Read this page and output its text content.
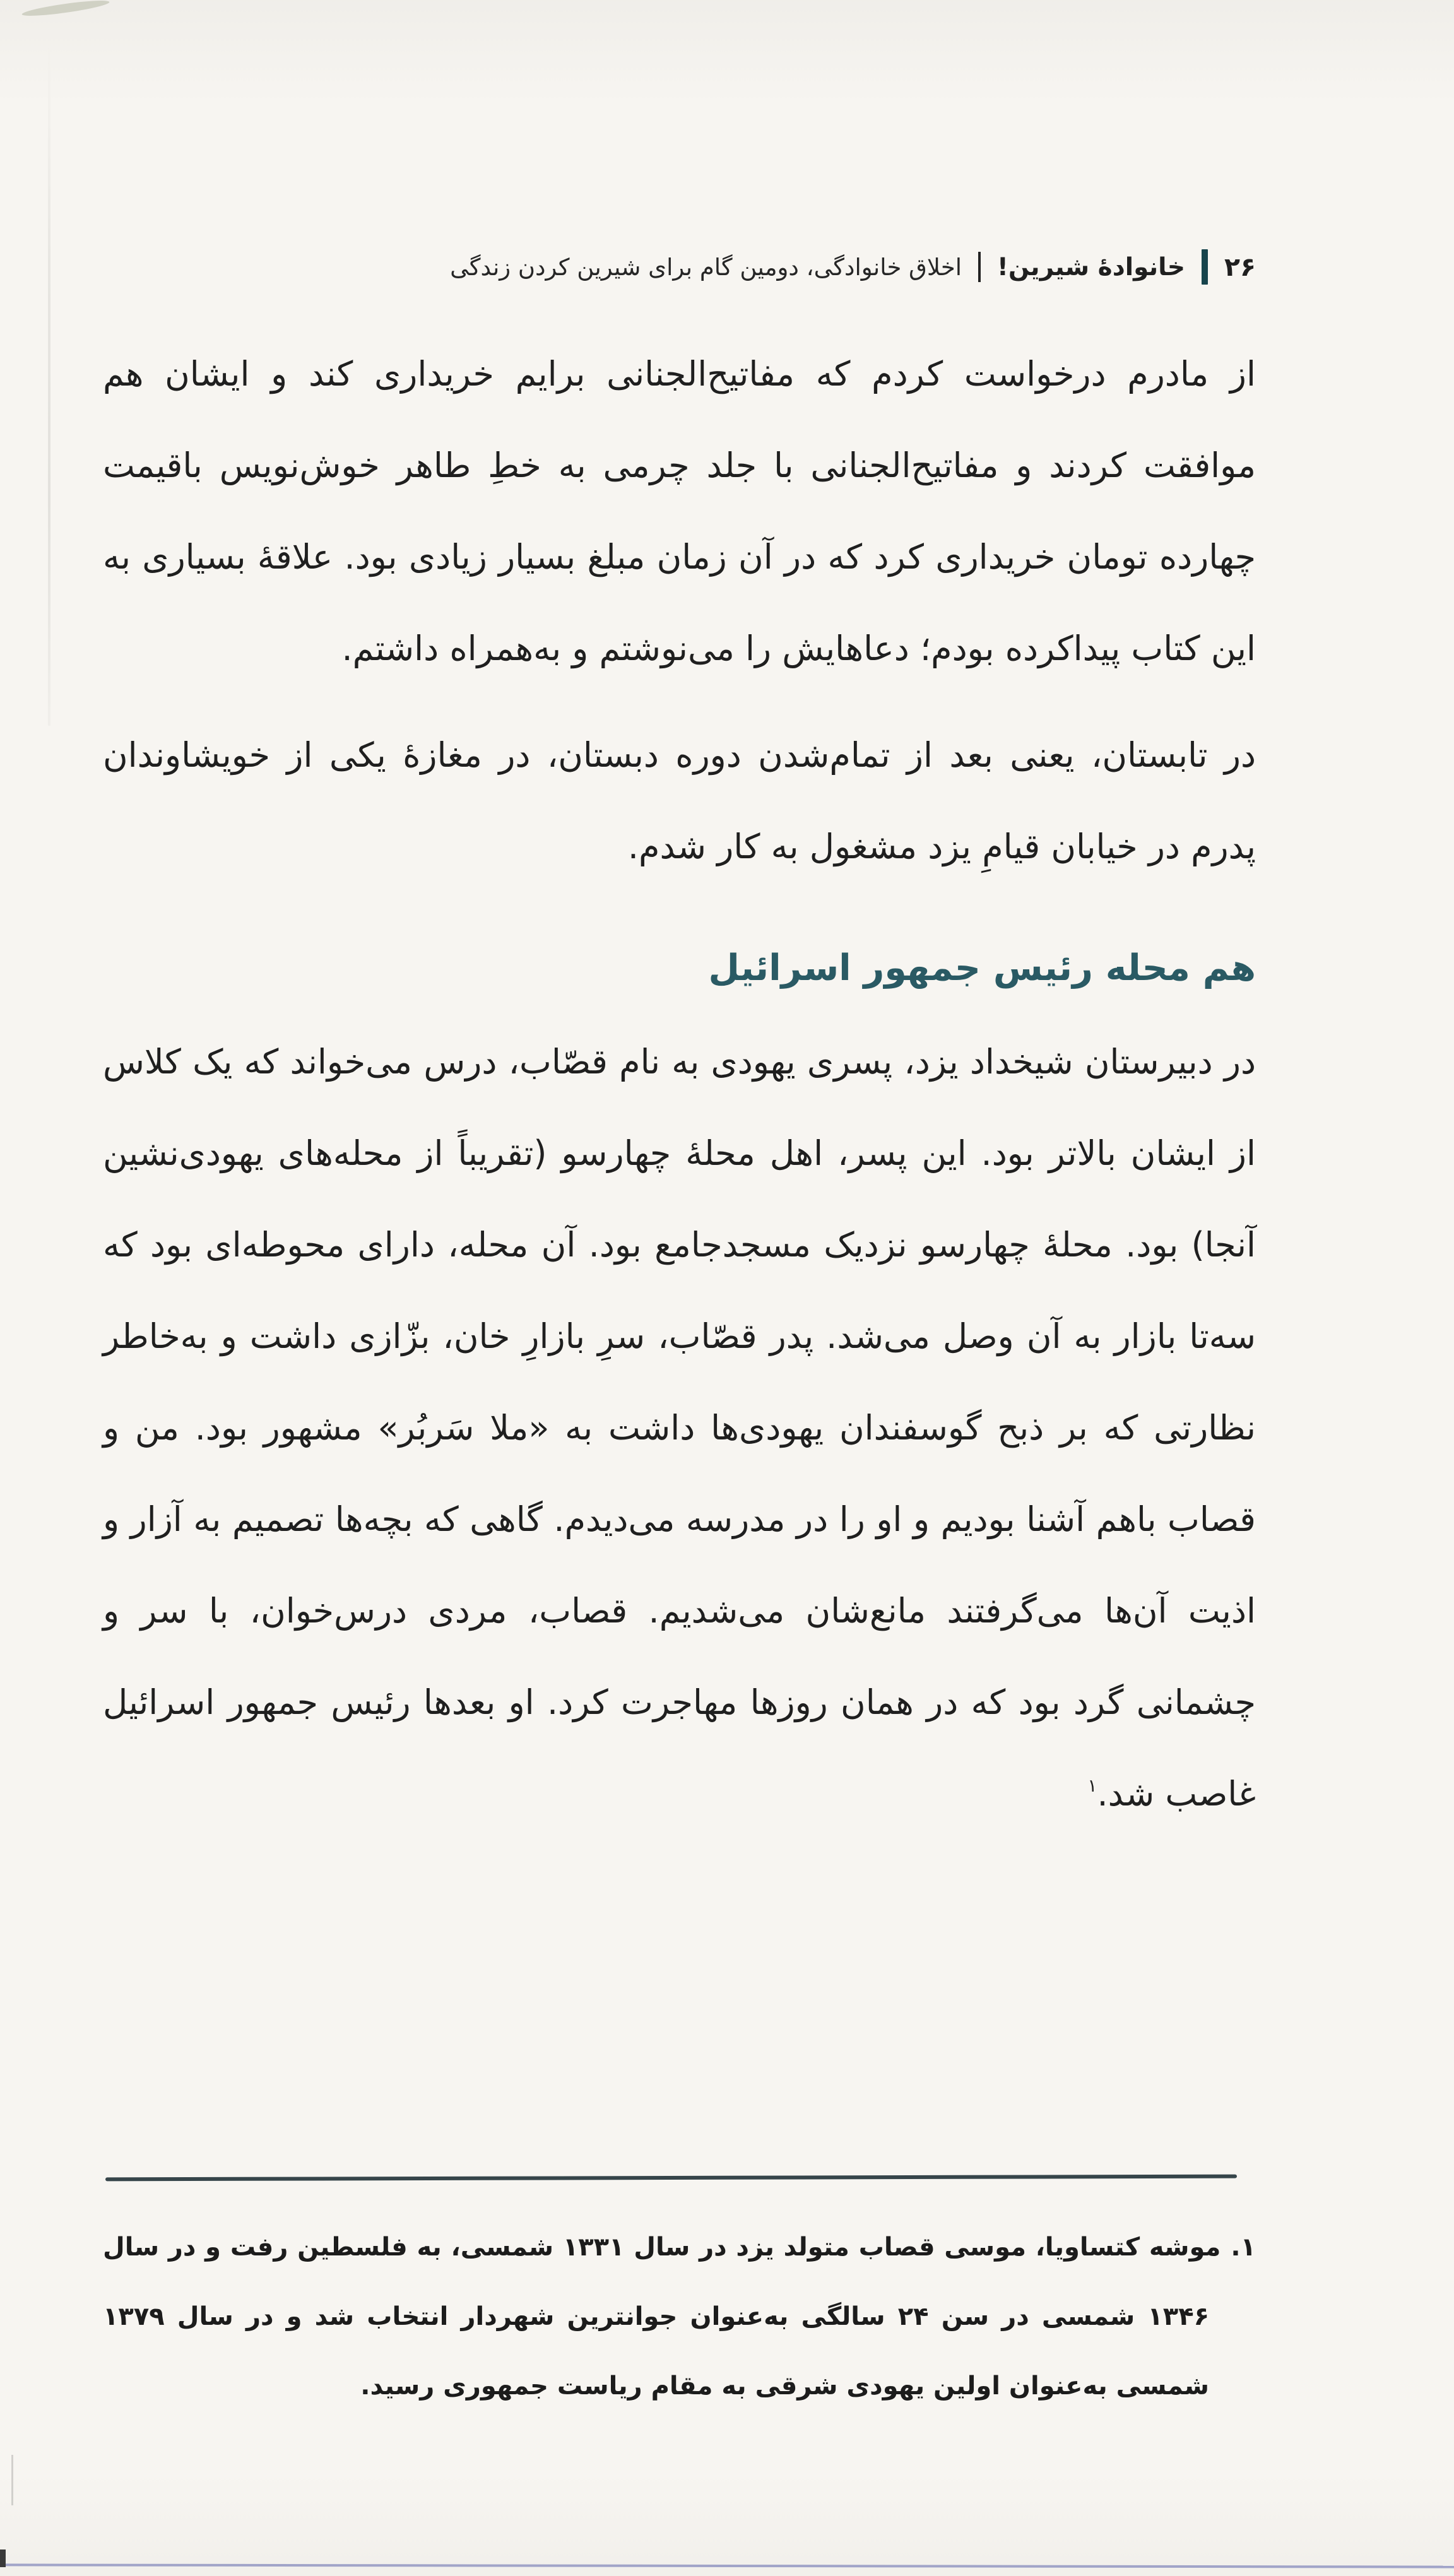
۲۶
خانوادهٔ شیرین!
اخلاق خانوادگی، دومین گام برای شیرین کردن زندگی

از مادرم درخواست کردم که مفاتیح‌الجنانی برایم خریداری کند و ایشان هم موافقت کردند و مفاتیح‌الجنانی با جلد چرمی به خطِ طاهر خوش‌نویس باقیمت چهارده تومان خریداری کرد که در آن زمان مبلغ بسیار زیادی بود. علاقهٔ بسیاری به این کتاب پیداکرده بودم؛ دعاهایش را می‌نوشتم و به‌همراه داشتم.

در تابستان، یعنی بعد از تمام‌شدن دوره دبستان، در مغازهٔ یکی از خویشاوندان پدرم در خیابان قیامِ یزد مشغول به کار شدم.

هم محله رئیس جمهور اسرائیل

در دبیرستان شیخداد یزد، پسری یهودی به نام قصّاب، درس می‌خواند که یک کلاس از ایشان بالاتر بود. این پسر، اهل محلهٔ چهارسو (تقریباً از محله‌های یهودی‌نشین آنجا) بود. محلهٔ چهارسو نزدیک مسجدجامع بود. آن محله، دارای محوطه‌ای بود که سه‌تا بازار به آن وصل می‌شد. پدر قصّاب، سرِ بازارِ خان، بزّازی داشت و به‌خاطر نظارتی که بر ذبح گوسفندان یهودی‌ها داشت به «ملا سَربُر» مشهور بود. من و قصاب باهم آشنا بودیم و او را در مدرسه می‌دیدم. گاهی که بچه‌ها تصمیم به آزار و اذیت آن‌ها می‌گرفتند مانع‌شان می‌شدیم. قصاب، مردی درس‌خوان، با سر و چشمانی گرد بود که در همان روزها مهاجرت کرد. او بعدها رئیس جمهور اسرائیل غاصب شد.$^۱$

۱.موشه کتساویا، موسی قصاب متولد یزد در سال ۱۳۳۱ شمسی، به فلسطین رفت و در سال ۱۳۴۶ شمسی در سن ۲۴ سالگی به‌عنوان جوانترین شهردار انتخاب شد و در سال ۱۳۷۹ شمسی به‌عنوان اولین یهودی شرقی به مقام ریاست جمهوری رسید.
